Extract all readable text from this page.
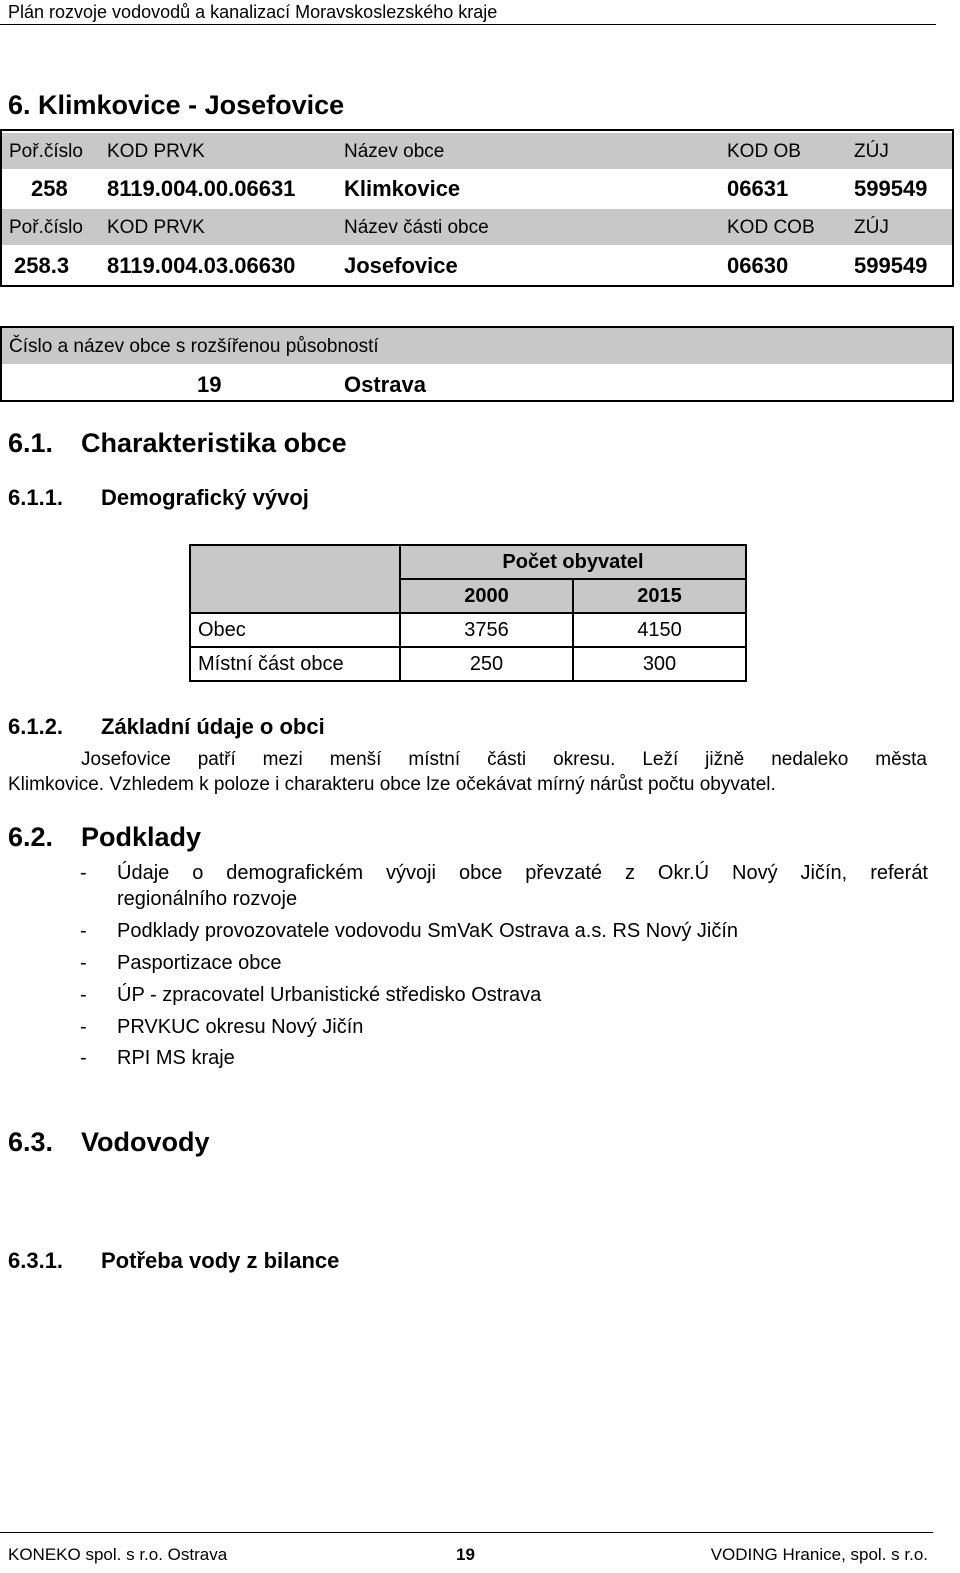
Plán rozvoje vodovodů a kanalizací Moravskoslezského kraje
6. Klimkovice - Josefovice
Poř.číslo KOD PRVK	Název obce	KOD OB	ZÚJ
258 8119.004.00.06631 Klimkovice	06631	599549
Poř.číslo KOD PRVK	Název části obce	KOD COB ZÚJ
258.3 8119.004.03.06630 Josefovice	06630	599549
Číslo a název obce s rozšířenou působností
19	Ostrava
6.1. Charakteristika obce
6.1.1. Demografický vývoj
	Počet obyvatel	
	2000	2015
Obec	3756	4150
Místní část obce	250	300
6.1.2. Základní údaje o obci
Josefovice patří mezi menší místní části okresu. Leží jižně nedaleko města
Klimkovice. Vzhledem k poloze i charakteru obce lze očekávat mírný nárůst počtu obyvatel.
6.2. Podklady
- Údaje o demografickém vývoji obce převzaté z Okr.Ú Nový Jičín, referát
regionálního rozvoje
- Podklady provozovatele vodovodu SmVaK Ostrava a.s. RS Nový Jičín
- Pasportizace obce
- ÚP - zpracovatel Urbanistické středisko Ostrava
- PRVKUC okresu Nový Jičín
- RPI MS kraje
6.3. Vodovody
6.3.1. Potřeba vody z bilance
KONEKO spol. s r.o. Ostrava	19	VODING Hranice, spol. s r.o.
